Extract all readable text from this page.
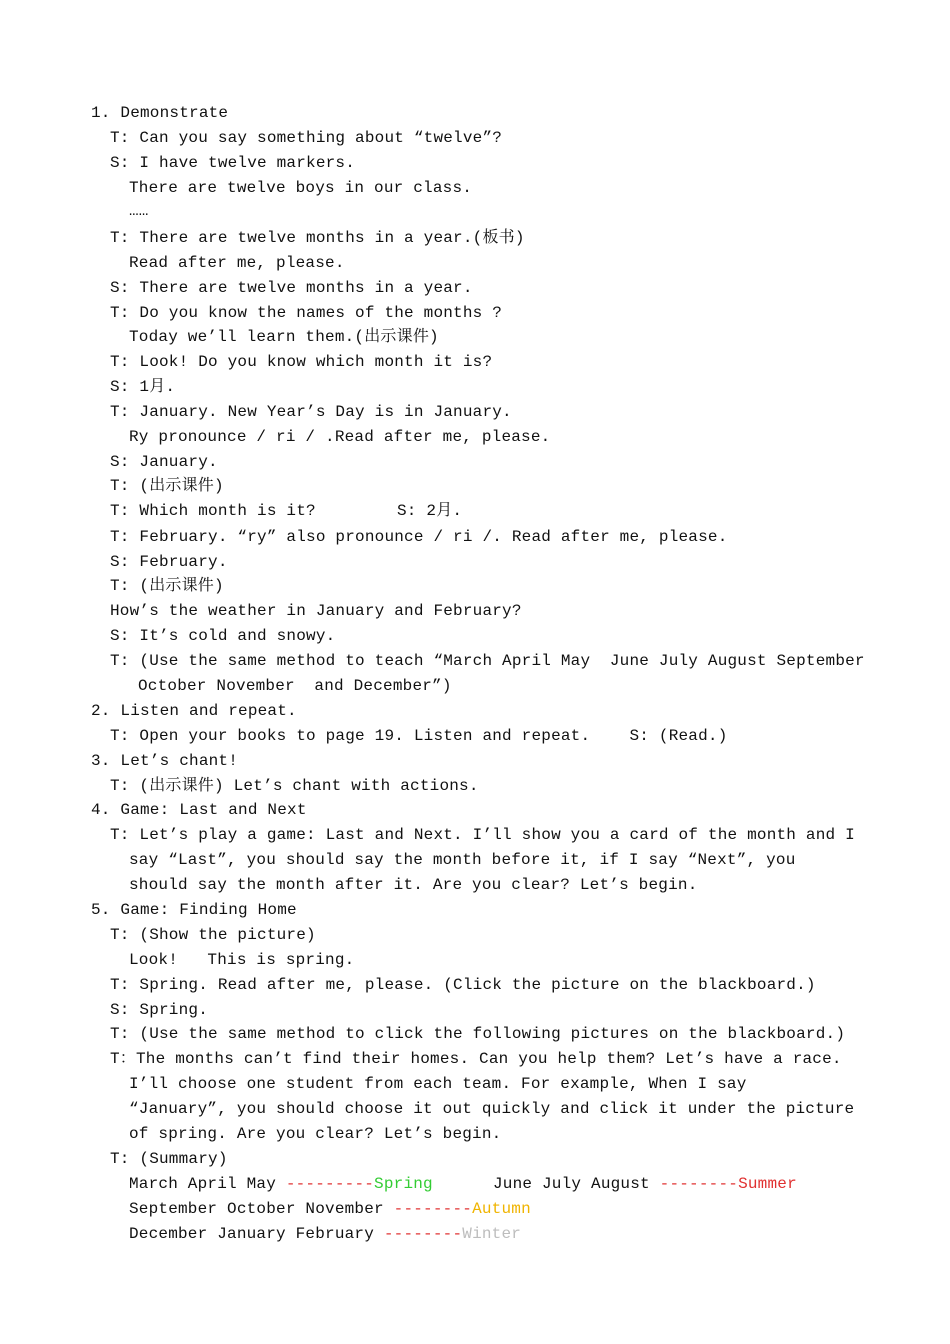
1. Demonstrate
T: Can you say something about “twelve”?
S: I have twelve markers.
There are twelve boys in our class.
……
T: There are twelve months in a year.(板书)
Read after me, please.
S: There are twelve months in a year.
T: Do you know the names of the months ?
Today we’ll learn them.(出示课件)
T: Look! Do you know which month it is?
S: 1月.
T: January. New Year’s Day is in January.
Ry pronounce / ri / .Read after me, please.
S: January.
T: (出示课件)
T: Which month is it?	S: 2月.
T: February. “ry” also pronounce / ri /. Read after me, please.
S: February.
T: (出示课件)
How’s the weather in January and February?
S: It’s cold and snowy.
T: (Use the same method to teach “March April May  June July August September
October November  and December”)
2. Listen and repeat.
T: Open your books to page 19. Listen and repeat.    S: (Read.)
3. Let’s chant!
T: (出示课件) Let’s chant with actions.
4. Game: Last and Next
T: Let’s play a game: Last and Next. I’ll show you a card of the month and I
say “Last”, you should say the month before it, if I say “Next”, you
should say the month after it. Are you clear? Let’s begin.
5. Game: Finding Home
T: (Show the picture)
Look!   This is spring.
T: Spring. Read after me, please. (Click the picture on the blackboard.)
S: Spring.
T: (Use the same method to click the following pictures on the blackboard.)
T：The months can’t find their homes. Can you help them? Let’s have a race.
I’ll choose one student from each team. For example, When I say
“January”, you should choose it out quickly and click it under the picture
of spring. Are you clear? Let’s begin.
T: (Summary)
March April May ---------Spring	June July August --------Summer
September October November --------Autumn
December January February --------Winter
